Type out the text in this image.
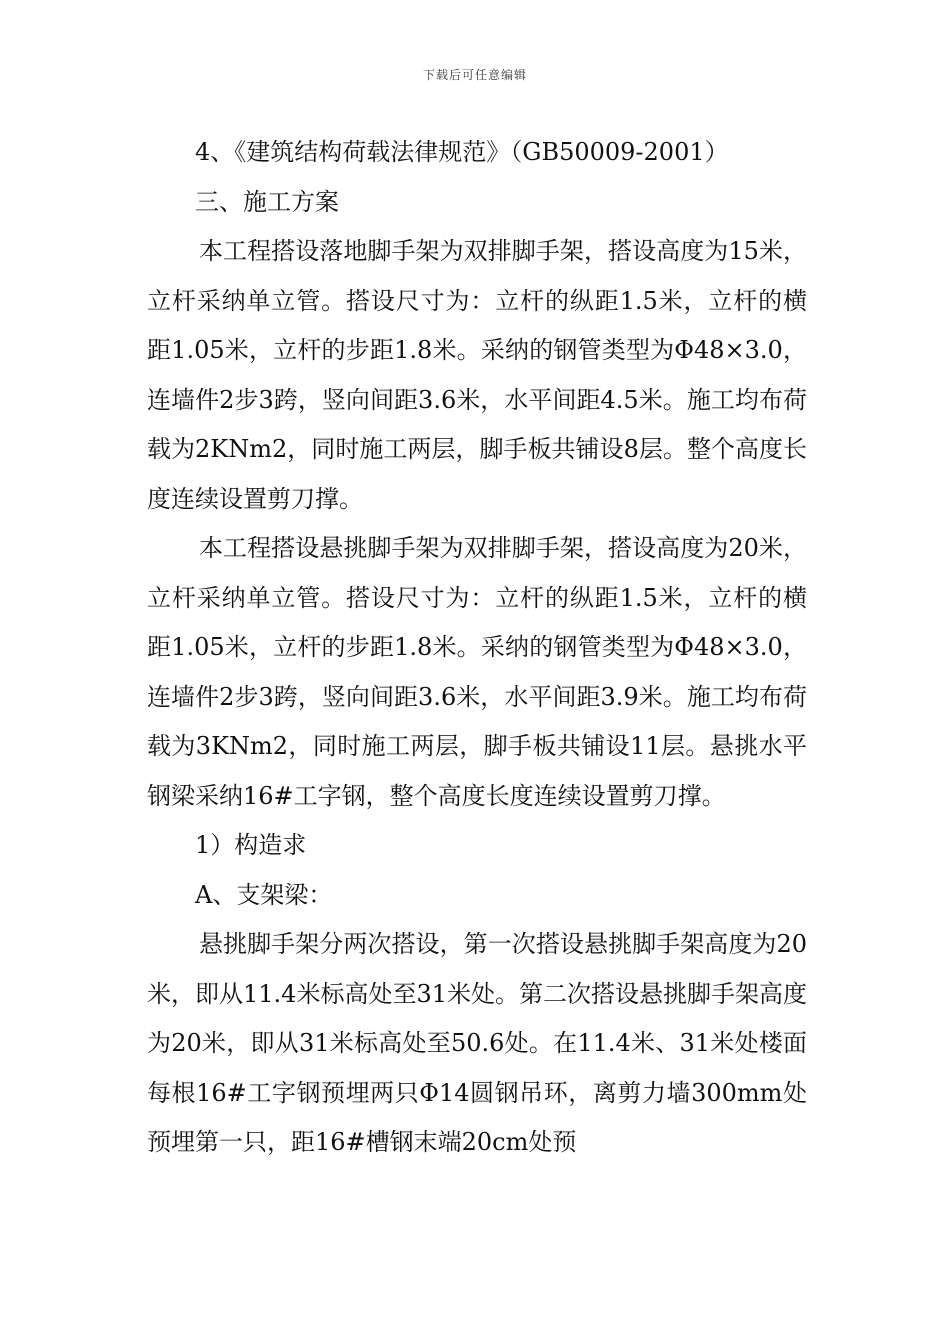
下载后可任意编辑

4、《建筑结构荷载法律规范》（GB50009-2001）

三、施工方案

本工程搭设落地脚手架为双排脚手架，搭设高度为15米，立杆采纳单立管。搭设尺寸为：立杆的纵距1.5米，立杆的横距1.05米，立杆的步距1.8米。采纳的钢管类型为Φ48×3.0，连墙件2步3跨，竖向间距3.6米，水平间距4.5米。施工均布荷载为2KNm2，同时施工两层，脚手板共铺设8层。整个高度长度连续设置剪刀撑。

本工程搭设悬挑脚手架为双排脚手架，搭设高度为20米，立杆采纳单立管。搭设尺寸为：立杆的纵距1.5米，立杆的横距1.05米，立杆的步距1.8米。采纳的钢管类型为Φ48×3.0，连墙件2步3跨，竖向间距3.6米，水平间距3.9米。施工均布荷载为3KNm2，同时施工两层，脚手板共铺设11层。悬挑水平钢梁采纳16#工字钢，整个高度长度连续设置剪刀撑。

1）构造求

A、支架梁：

悬挑脚手架分两次搭设，第一次搭设悬挑脚手架高度为20米，即从11.4米标高处至31米处。第二次搭设悬挑脚手架高度为20米，即从31米标高处至50.6处。在11.4米、31米处楼面每根16#工字钢预埋两只Φ14圆钢吊环，离剪力墙300mm处预埋第一只，距16#槽钢末端20cm处预
